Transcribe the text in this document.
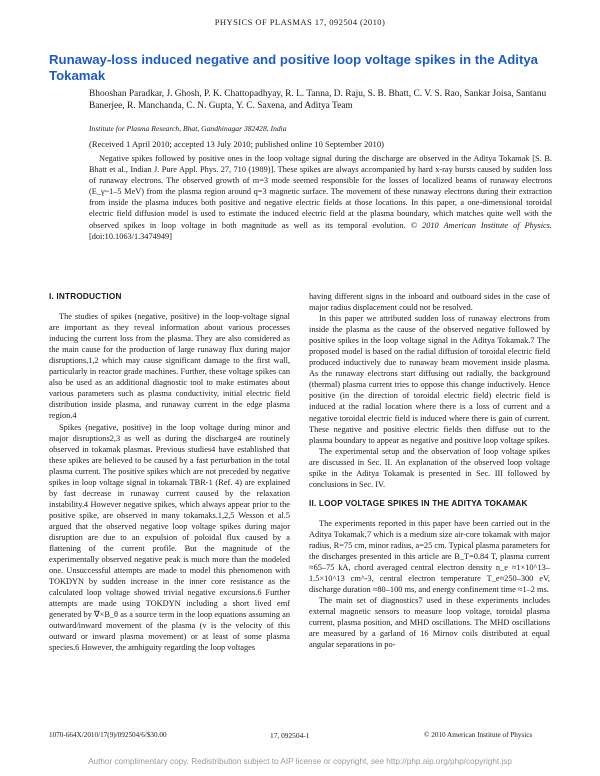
PHYSICS OF PLASMAS 17, 092504 (2010)
Runaway-loss induced negative and positive loop voltage spikes in the Aditya Tokamak
Bhooshan Paradkar, J. Ghosh, P. K. Chattopadhyay, R. L. Tanna, D. Raju, S. B. Bhatt, C. V. S. Rao, Sankar Joisa, Santanu Banerjee, R. Manchanda, C. N. Gupta, Y. C. Saxena, and Aditya Team
Institute for Plasma Research, Bhat, Gandhinagar 382428, India
(Received 1 April 2010; accepted 13 July 2010; published online 10 September 2010)
Negative spikes followed by positive ones in the loop voltage signal during the discharge are observed in the Aditya Tokamak [S. B. Bhatt et al., Indian J. Pure Appl. Phys. 27, 710 (1989)]. These spikes are always accompanied by hard x-ray bursts caused by sudden loss of runaway electrons. The observed growth of m=3 mode seemed responsible for the losses of localized beams of runaway electrons (E_γ~1–5 MeV) from the plasma region around q=3 magnetic surface. The movement of these runaway electrons during their extraction from inside the plasma induces both positive and negative electric fields at those locations. In this paper, a one-dimensional toroidal electric field diffusion model is used to estimate the induced electric field at the plasma boundary, which matches quite well with the observed spikes in loop voltage in both magnitude as well as its temporal evolution. © 2010 American Institute of Physics. [doi:10.1063/1.3474949]
I. INTRODUCTION

The studies of spikes (negative, positive) in the loop-voltage signal are important as they reveal information about various processes inducing the current loss from the plasma. They are also considered as the main cause for the production of large runaway flux during major disruptions,1,2 which may cause significant damage to the first wall, particularly in reactor grade machines. Further, these voltage spikes can also be used as an additional diagnostic tool to make estimates about various parameters such as plasma conductivity, initial electric field distribution inside plasma, and runaway current in the edge plasma region.4

Spikes (negative, positive) in the loop voltage during minor and major disruptions2,3 as well as during the discharge4 are routinely observed in tokamak plasmas. Previous studies4 have established that these spikes are believed to be caused by a fast perturbation in the total plasma current. The positive spikes which are not preceded by negative spikes in loop voltage signal in tokamak TBR-1 (Ref. 4) are explained by fast decrease in runaway current caused by the relaxation instability.4 However negative spikes, which always appear prior to the positive spike, are observed in many tokamaks.1,2,5 Wesson et al.5 argued that the observed negative loop voltage spikes during major disruption are due to an expulsion of poloidal flux caused by a flattening of the current profile. But the magnitude of the experimentally observed negative peak is much more than the modeled one. Unsuccessful attempts are made to model this phenomenon with TOKDYN by sudden increase in the inner core resistance as the calculated loop voltage showed trivial negative excursions.6 Further attempts are made using TOKDYN including a short lived emf generated by ∇×B_θ as a source term in the loop equations assuming an outward/inward movement of the plasma (v is the velocity of this outward or inward plasma movement) or at least of some plasma species.6 However, the ambiguity regarding the loop voltages

having different signs in the inboard and outboard sides in the case of major radius displacement could not be resolved.

In this paper we attributed sudden loss of runaway electrons from inside the plasma as the cause of the observed negative followed by positive spikes in the loop voltage signal in the Aditya Tokamak.7 The proposed model is based on the radial diffusion of toroidal electric field produced inductively due to runaway beam movement inside plasma. As the runaway electrons start diffusing out radially, the background (thermal) plasma current tries to oppose this change inductively. Hence positive (in the direction of toroidal electric field) electric field is induced at the radial location where there is a loss of current and a negative toroidal electric field is induced where there is gain of current. These negative and positive electric fields then diffuse out to the plasma boundary to appear as negative and positive loop voltage spikes.

The experimental setup and the observation of loop voltage spikes are discussed in Sec. II. An explanation of the observed loop voltage spike in the Aditya Tokamak is presented in Sec. III followed by conclusions in Sec. IV.

II. LOOP VOLTAGE SPIKES IN THE ADITYA TOKAMAK

The experiments reported in this paper have been carried out in the Aditya Tokamak,7 which is a medium size air-core tokamak with major radius, R=75 cm, minor radius, a=25 cm. Typical plasma parameters for the discharges presented in this article are B_T=0.84 T, plasma current ≈65–75 kA, chord averaged central electron density n_e ≈1×10^13–1.5×10^13 cm^-3, central electron temperature T_e≈250–300 eV, discharge duration ≈80–100 ms, and energy confinement time ≈1–2 ms.

The main set of diagnostics7 used in these experiments includes external magnetic sensors to measure loop voltage, toroidal plasma current, plasma position, and MHD oscillations. The MHD oscillations are measured by a garland of 16 Mirnov coils distributed at equal angular separations in po-

1070-664X/2010/17(9)/092504/6/$30.00	17, 092504-1	© 2010 American Institute of Physics
Author complimentary copy. Redistribution subject to AIP license or copyright, see http://php.aip.org/php/copyright.jsp
